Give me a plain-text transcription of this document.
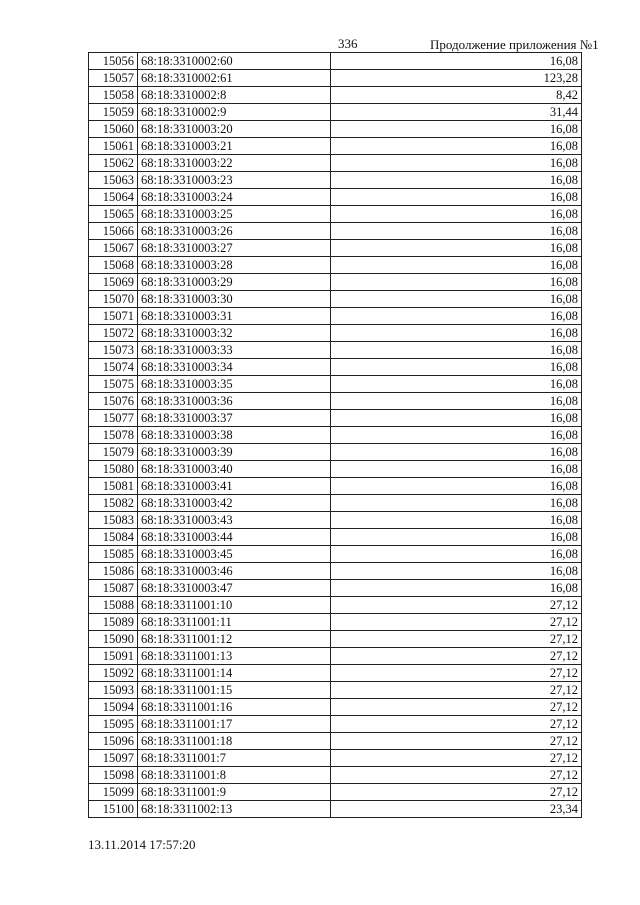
336	Продолжение приложения №1
15056	68:18:3310002:60	16,08
15057	68:18:3310002:61	123,28
15058	68:18:3310002:8	8,42
15059	68:18:3310002:9	31,44
15060	68:18:3310003:20	16,08
15061	68:18:3310003:21	16,08
15062	68:18:3310003:22	16,08
15063	68:18:3310003:23	16,08
15064	68:18:3310003:24	16,08
15065	68:18:3310003:25	16,08
15066	68:18:3310003:26	16,08
15067	68:18:3310003:27	16,08
15068	68:18:3310003:28	16,08
15069	68:18:3310003:29	16,08
15070	68:18:3310003:30	16,08
15071	68:18:3310003:31	16,08
15072	68:18:3310003:32	16,08
15073	68:18:3310003:33	16,08
15074	68:18:3310003:34	16,08
15075	68:18:3310003:35	16,08
15076	68:18:3310003:36	16,08
15077	68:18:3310003:37	16,08
15078	68:18:3310003:38	16,08
15079	68:18:3310003:39	16,08
15080	68:18:3310003:40	16,08
15081	68:18:3310003:41	16,08
15082	68:18:3310003:42	16,08
15083	68:18:3310003:43	16,08
15084	68:18:3310003:44	16,08
15085	68:18:3310003:45	16,08
15086	68:18:3310003:46	16,08
15087	68:18:3310003:47	16,08
15088	68:18:3311001:10	27,12
15089	68:18:3311001:11	27,12
15090	68:18:3311001:12	27,12
15091	68:18:3311001:13	27,12
15092	68:18:3311001:14	27,12
15093	68:18:3311001:15	27,12
15094	68:18:3311001:16	27,12
15095	68:18:3311001:17	27,12
15096	68:18:3311001:18	27,12
15097	68:18:3311001:7	27,12
15098	68:18:3311001:8	27,12
15099	68:18:3311001:9	27,12
15100	68:18:3311002:13	23,34
13.11.2014 17:57:20
